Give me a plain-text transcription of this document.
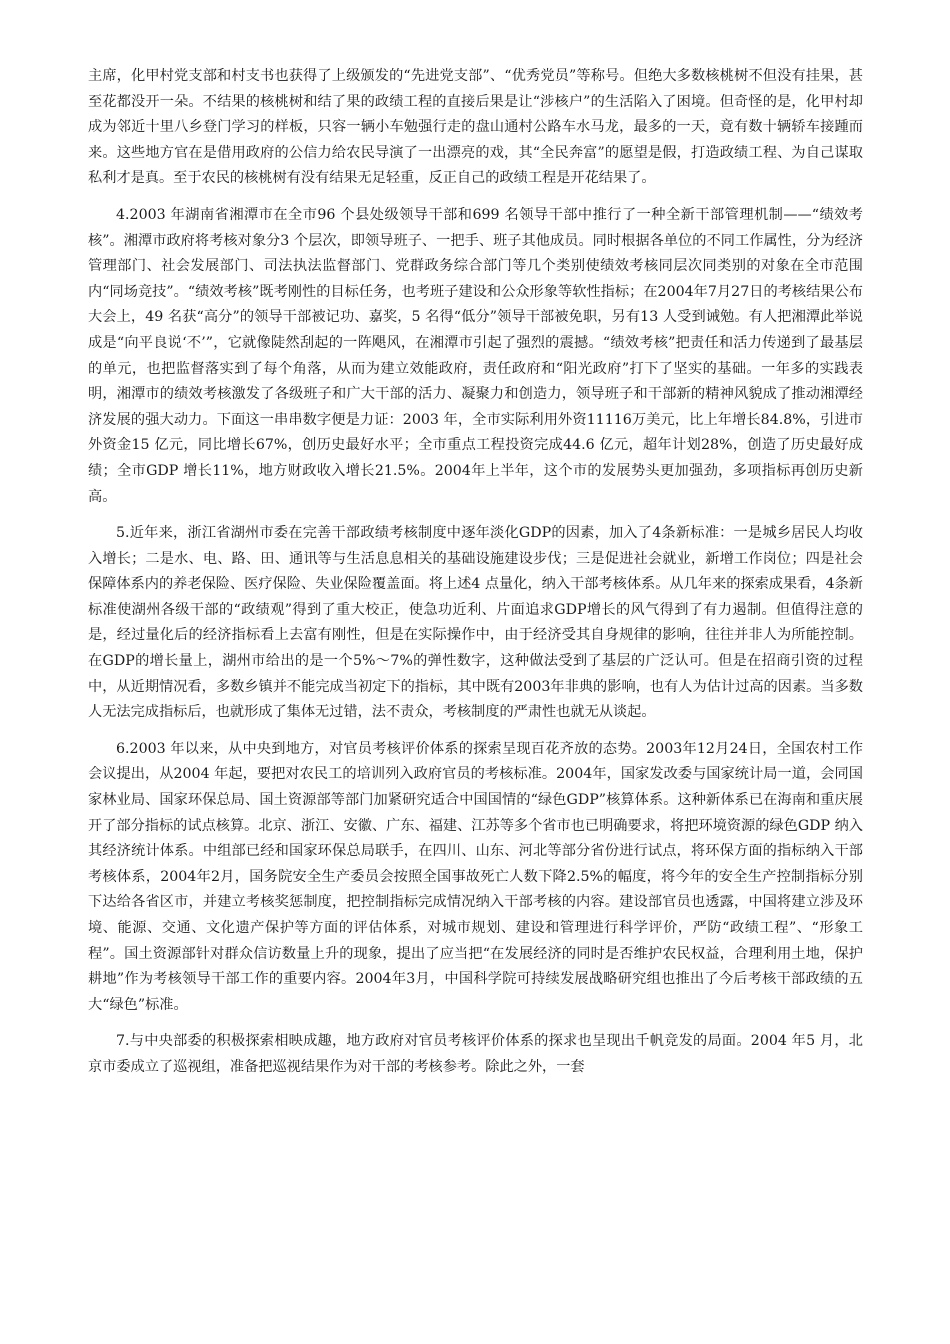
主席，化甲村党支部和村支书也获得了上级颁发的“先进党支部”、“优秀党员”等称号。但绝大多数核桃树不但没有挂果，甚至花都没开一朵。不结果的核桃树和结了果的政绩工程的直接后果是让“涉核户”的生活陷入了困境。但奇怪的是，化甲村却成为邻近十里八乡登门学习的样板，只容一辆小车勉强行走的盘山通村公路车水马龙，最多的一天，竟有数十辆轿车接踵而来。这些地方官在是借用政府的公信力给农民导演了一出漂亮的戏，其“全民奔富”的愿望是假，打造政绩工程、为自己谋取私利才是真。至于农民的核桃树有没有结果无足轻重，反正自己的政绩工程是开花结果了。

4.2003 年湖南省湘潭市在全市96 个县处级领导干部和699 名领导干部中推行了一种全新干部管理机制——“绩效考核”。湘潭市政府将考核对象分3 个层次，即领导班子、一把手、班子其他成员。同时根据各单位的不同工作属性，分为经济管理部门、社会发展部门、司法执法监督部门、党群政务综合部门等几个类别使绩效考核同层次同类别的对象在全市范围内“同场竞技”。“绩效考核”既考刚性的目标任务，也考班子建设和公众形象等软性指标；在2004年7月27日的考核结果公布大会上，49 名获“高分”的领导干部被记功、嘉奖，5 名得“低分”领导干部被免职，另有13 人受到诫勉。有人把湘潭此举说成是“向平良说‘不’”，它就像陡然刮起的一阵飓风，在湘潭市引起了强烈的震撼。“绩效考核”把责任和活力传递到了最基层的单元，也把监督落实到了每个角落，从而为建立效能政府，责任政府和“阳光政府”打下了坚实的基础。一年多的实践表明，湘潭市的绩效考核激发了各级班子和广大干部的活力、凝聚力和创造力，领导班子和干部新的精神风貌成了推动湘潭经济发展的强大动力。下面这一串串数字便是力证：2003 年，全市实际利用外资11116万美元，比上年增长84.8%，引进市外资金15 亿元，同比增长67%，创历史最好水平；全市重点工程投资完成44.6 亿元，超年计划28%，创造了历史最好成绩；全市GDP 增长11%，地方财政收入增长21.5%。2004年上半年，这个市的发展势头更加强劲，多项指标再创历史新高。

5.近年来，浙江省湖州市委在完善干部政绩考核制度中逐年淡化GDP的因素，加入了4条新标准：一是城乡居民人均收入增长；二是水、电、路、田、通讯等与生活息息相关的基础设施建设步伐；三是促进社会就业，新增工作岗位；四是社会保障体系内的养老保险、医疗保险、失业保险覆盖面。将上述4 点量化，纳入干部考核体系。从几年来的探索成果看，4条新标准使湖州各级干部的“政绩观”得到了重大校正，使急功近利、片面追求GDP增长的风气得到了有力遏制。但值得注意的是，经过量化后的经济指标看上去富有刚性，但是在实际操作中，由于经济受其自身规律的影响，往往并非人为所能控制。在GDP的增长量上，湖州市给出的是一个5%～7%的弹性数字，这种做法受到了基层的广泛认可。但是在招商引资的过程中，从近期情况看，多数乡镇并不能完成当初定下的指标，其中既有2003年非典的影响，也有人为估计过高的因素。当多数人无法完成指标后，也就形成了集体无过错，法不责众，考核制度的严肃性也就无从谈起。

6.2003 年以来，从中央到地方，对官员考核评价体系的探索呈现百花齐放的态势。2003年12月24日，全国农村工作会议提出，从2004 年起，要把对农民工的培训列入政府官员的考核标准。2004年，国家发改委与国家统计局一道，会同国家林业局、国家环保总局、国土资源部等部门加紧研究适合中国国情的“绿色GDP”核算体系。这种新体系已在海南和重庆展开了部分指标的试点核算。北京、浙江、安徽、广东、福建、江苏等多个省市也已明确要求，将把环境资源的绿色GDP 纳入其经济统计体系。中组部已经和国家环保总局联手，在四川、山东、河北等部分省份进行试点，将环保方面的指标纳入干部考核体系，2004年2月，国务院安全生产委员会按照全国事故死亡人数下降2.5%的幅度，将今年的安全生产控制指标分别下达给各省区市，并建立考核奖惩制度，把控制指标完成情况纳入干部考核的内容。建设部官员也透露，中国将建立涉及环境、能源、交通、文化遗产保护等方面的评估体系，对城市规划、建设和管理进行科学评价，严防“政绩工程”、“形象工程”。国土资源部针对群众信访数量上升的现象，提出了应当把“在发展经济的同时是否维护农民权益，合理利用土地，保护耕地”作为考核领导干部工作的重要内容。2004年3月，中国科学院可持续发展战略研究组也推出了今后考核干部政绩的五大“绿色”标准。

7.与中央部委的积极探索相映成趣，地方政府对官员考核评价体系的探求也呈现出千帆竞发的局面。2004 年5 月，北京市委成立了巡视组，准备把巡视结果作为对干部的考核参考。除此之外，一套
